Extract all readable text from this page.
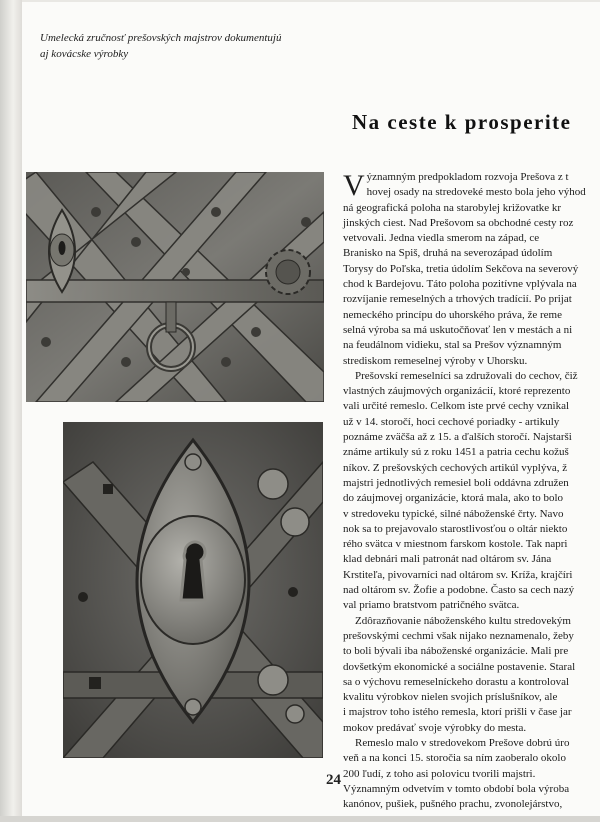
Umelecká zručnosť prešovských majstrov dokumentujú
aj kovácske výrobky
Na ceste k prosperite
V ýznamným predpokladom rozvoja Prešova z t
hovej osady na stredoveké mesto bola jeho výhod
ná geografická poloha na starobylej križovatke kr
jinských ciest. Nad Prešovom sa obchodné cesty roz
vetvovali. Jedna viedla smerom na západ, ce
Branisko na Spiš, druhá na severozápad údolím
Torysy do Poľska, tretia údolím Sekčova na severový
chod k Bardejovu. Táto poloha pozitívne vplývala na
rozvíjanie remeselných a trhových tradícií. Po prijat
nemeckého princípu do uhorského práva, že reme
selná výroba sa má uskutočňovať len v mestách a ni
na feudálnom vidieku, stal sa Prešov významným
strediskom remeselnej výroby v Uhorsku.
Prešovskí remeselníci sa združovali do cechov, čiž
vlastných záujmových organizácií, ktoré reprezento
vali určité remeslo. Celkom iste prvé cechy vznikal
už v 14. storočí, hoci cechové poriadky - artikuly
poznáme zväčša až z 15. a ďalších storočí. Najstarši
známe artikuly sú z roku 1451 a patria cechu kožuš
níkov. Z prešovských cechových artikúl vyplýva, ž
majstri jednotlivých remesiel boli oddávna združen
do záujmovej organizácie, ktorá mala, ako to bolo
v stredoveku typické, silné náboženské črty. Navo
nok sa to prejavovalo starostlivosťou o oltár niekto
rého svätca v miestnom farskom kostole. Tak napri
klad debnári mali patronát nad oltárom sv. Jána
Krstiteľa, pivovarníci nad oltárom sv. Kríža, krajčíri
nad oltárom sv. Žofie a podobne. Často sa cech nazý
val priamo bratstvom patričného svätca.
Zdôrazňovanie náboženského kultu stredovekým
prešovskými cechmi však nijako neznamenalo, žeby
to boli bývali iba náboženské organizácie. Mali pre
dovšetkým ekonomické a sociálne postavenie. Staral
sa o výchovu remeselníckeho dorastu a kontroloval
kvalitu výrobkov nielen svojich príslušníkov, ale
i majstrov toho istého remesla, ktorí prišli v čase jar
mokov predávať svoje výrobky do mesta.
Remeslo malo v stredovekom Prešove dobrú úro
veň a na konci 15. storočia sa ním zaoberalo okolo
200 ľudí, z toho asi polovicu tvorili majstri.
Významným odvetvím v tomto období bola výroba
kanónov, pušiek, pušného prachu, zvonolejárstvo,
24
